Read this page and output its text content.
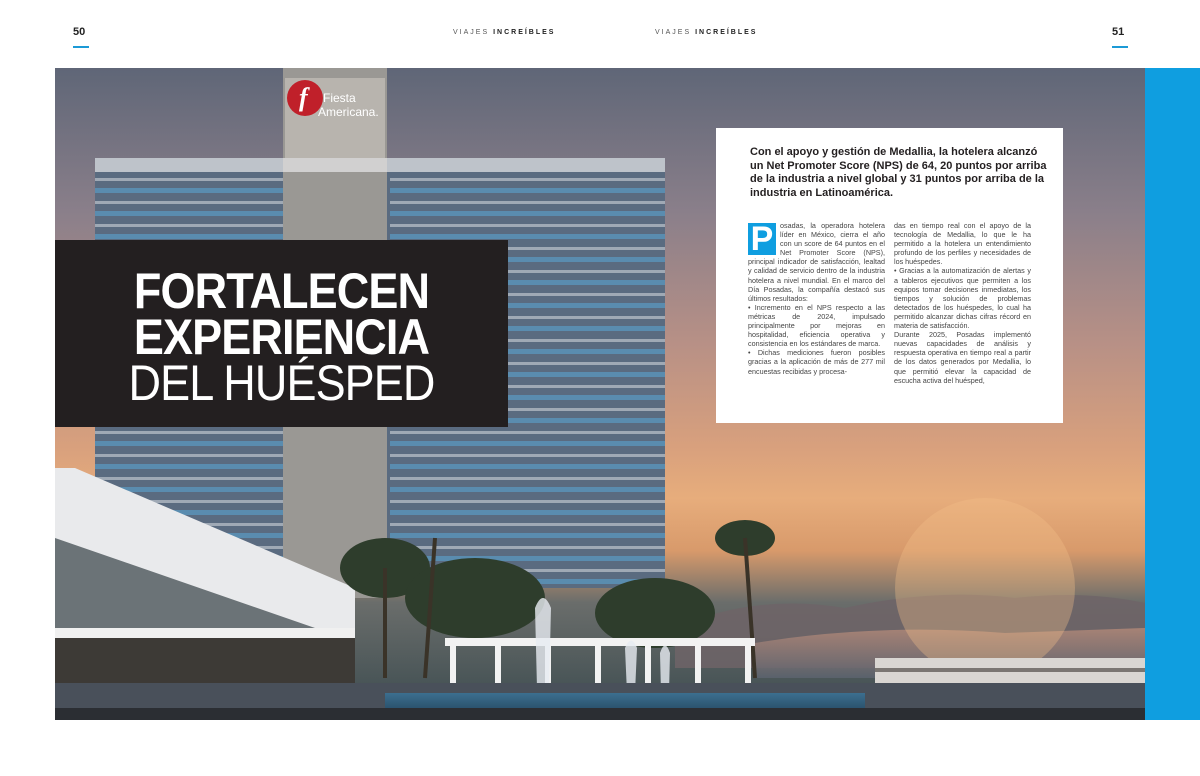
50	51
VIAJES INCREÍBLES	VIAJES INCREÍBLES
f Fiesta
Americana.
FORTALECEN
EXPERIENCIA
DEL HUÉSPED
Con el apoyo y gestión de Medallia, la hotelera alcanzó un Net Promoter Score (NPS) de 64, 20 puntos por arriba de la industria a nivel global y 31 puntos por arriba de la industria en Latinoamérica.
P osadas, la operadora hotelera líder en México, cierra el año con un score de 64 puntos en el Net Promoter Score (NPS), principal indicador de satisfacción, lealtad y calidad de servicio dentro de la industria hotelera a nivel mundial. En el marco del Día Posadas, la compañía destacó sus últimos resultados:

• Incremento en el NPS respecto a las métricas de 2024, impulsado principalmente por mejoras en hospitalidad, eficiencia operativa y consistencia en los estándares de marca.

• Dichas mediciones fueron posibles gracias a la aplicación de más de 277 mil encuestas recibidas y procesa-

das en tiempo real con el apoyo de la tecnología de Medallia, lo que le ha permitido a la hotelera un entendimiento profundo de los perfiles y necesidades de los huéspedes.

• Gracias a la automatización de alertas y a tableros ejecutivos que permiten a los equipos tomar decisiones inmediatas, los tiempos y solución de problemas detectados de los huéspedes, lo cual ha permitido alcanzar dichas cifras récord en materia de satisfacción.

Durante 2025, Posadas implementó nuevas capacidades de análisis y respuesta operativa en tiempo real a partir de los datos generados por Medallia, lo que permitió elevar la capacidad de escucha activa del huésped,
